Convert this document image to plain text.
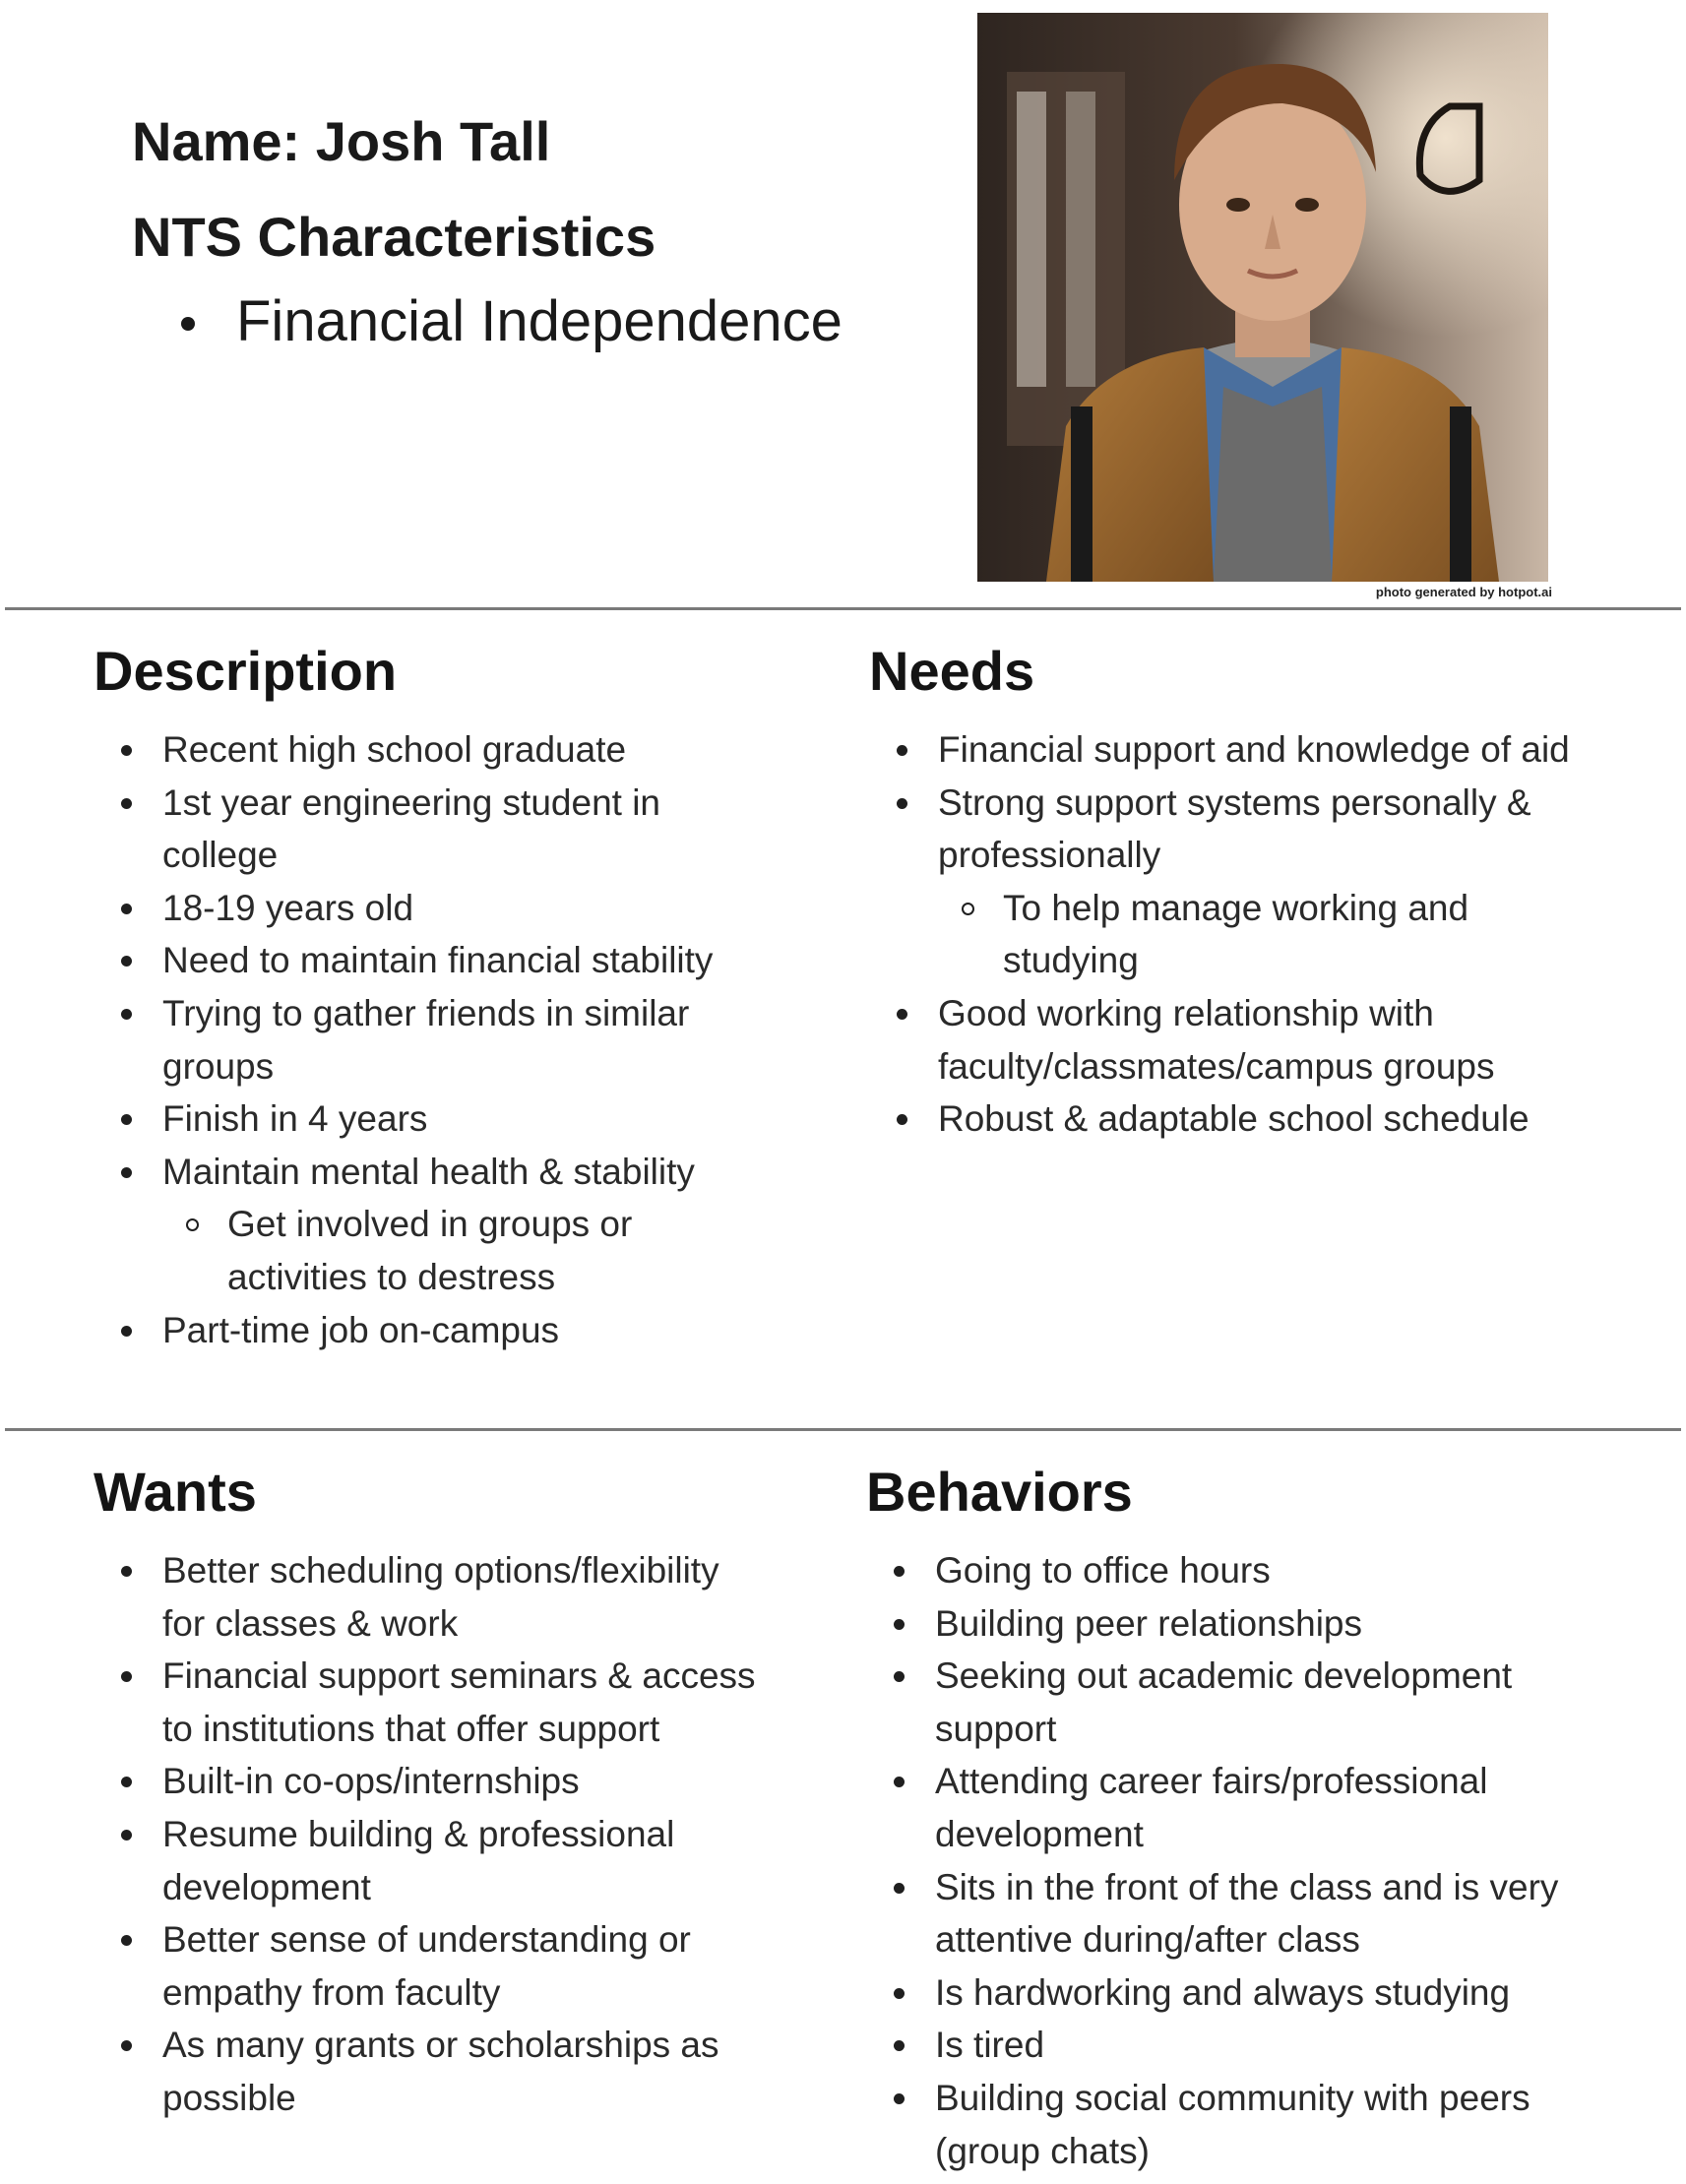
Name: Josh Tall
NTS Characteristics
Financial Independence
photo generated by hotpot.ai
Description
Recent high school graduate
1st year engineering student in
college
18-19 years old
Need to maintain financial stability
Trying to gather friends in similar
groups
Finish in 4 years
Maintain mental health & stability
Get involved in groups or
activities to destress
Part-time job on-campus
Needs
Financial support and knowledge of aid
Strong support systems personally &
professionally
To help manage working and
studying
Good working relationship with
faculty/classmates/campus groups
Robust & adaptable school schedule
Wants
Better scheduling options/flexibility
for classes & work
Financial support seminars & access
to institutions that offer support
Built-in co-ops/internships
Resume building & professional
development
Better sense of understanding or
empathy from faculty
As many grants or scholarships as
possible
Behaviors
Going to office hours
Building peer relationships
Seeking out academic development
support
Attending career fairs/professional
development
Sits in the front of the class and is very
attentive during/after class
Is hardworking and always studying
Is tired
Building social community with peers
(group chats)
